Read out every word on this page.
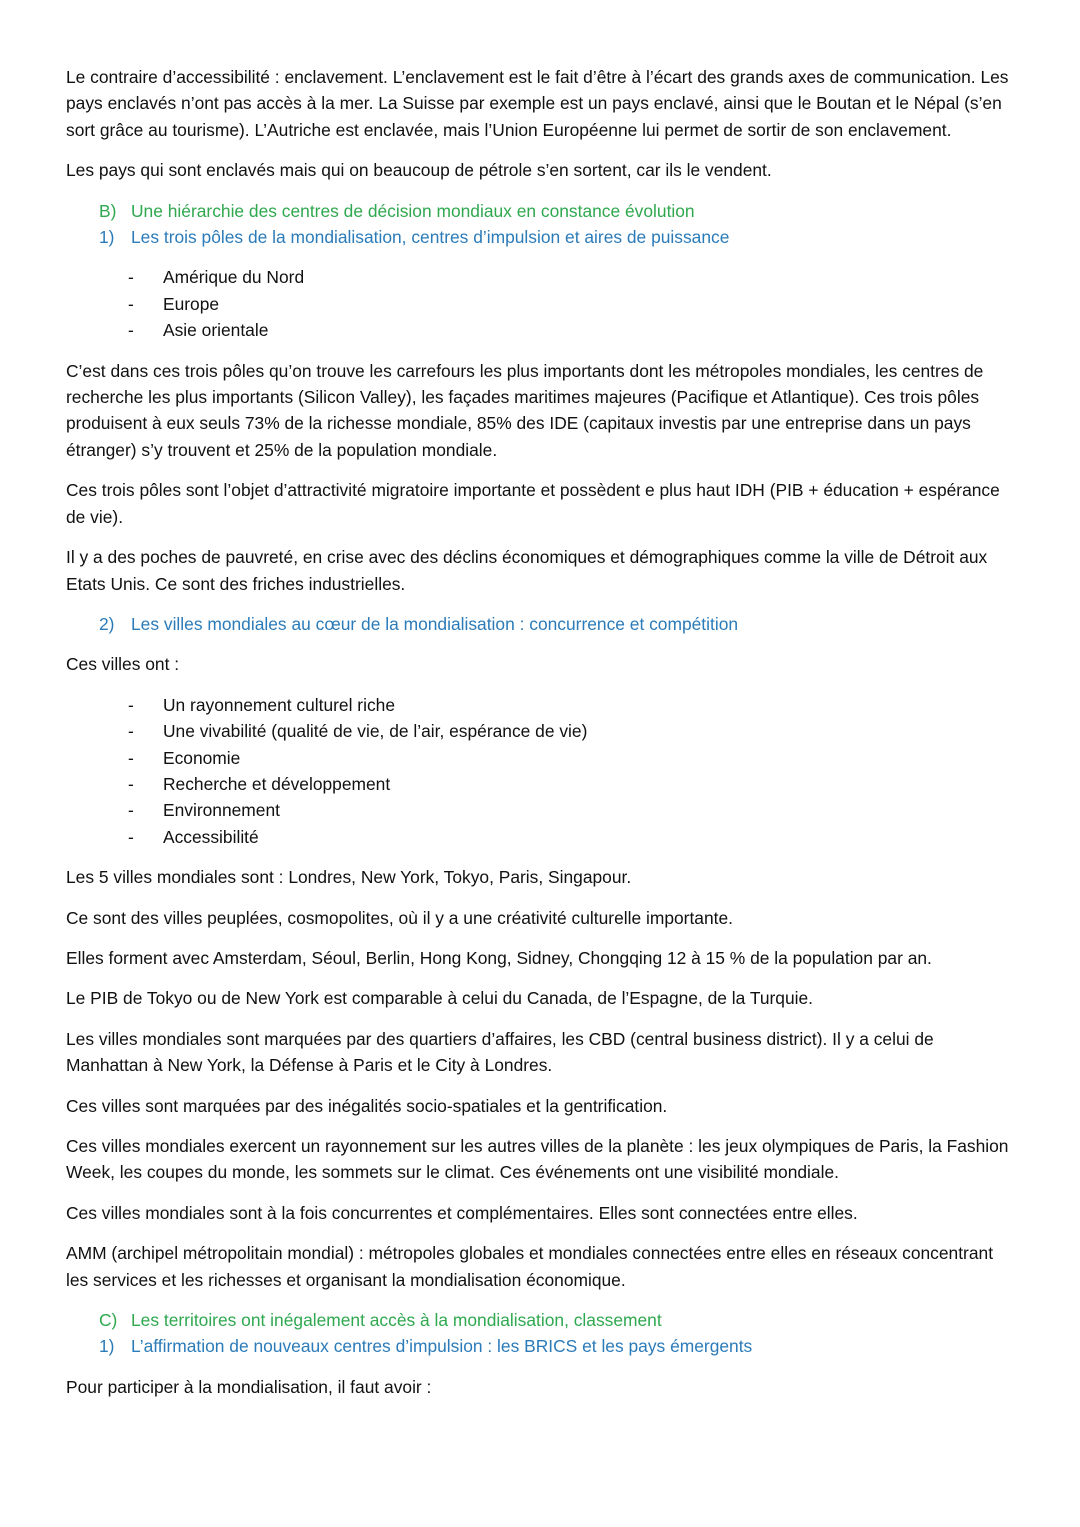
Le contraire d’accessibilité : enclavement. L’enclavement est le fait d’être à l’écart des grands axes de communication. Les pays enclavés n’ont pas accès à la mer. La Suisse par exemple est un pays enclavé, ainsi que le Boutan et le Népal (s’en sort grâce au tourisme). L’Autriche est enclavée, mais l’Union Européenne lui permet de sortir de son enclavement.

Les pays qui sont enclavés mais qui on beaucoup de pétrole s’en sortent, car ils le vendent.

B) Une hiérarchie des centres de décision mondiaux en constance évolution
1) Les trois pôles de la mondialisation, centres d’impulsion et aires de puissance
- Amérique du Nord
- Europe
- Asie orientale

C’est dans ces trois pôles qu’on trouve les carrefours les plus importants dont les métropoles mondiales, les centres de recherche les plus importants (Silicon Valley), les façades maritimes majeures (Pacifique et Atlantique). Ces trois pôles produisent à eux seuls 73% de la richesse mondiale, 85% des IDE (capitaux investis par une entreprise dans un pays étranger) s’y trouvent et 25% de la population mondiale.

Ces trois pôles sont l’objet d’attractivité migratoire importante et possèdent e plus haut IDH (PIB + éducation + espérance de vie).

Il y a des poches de pauvreté, en crise avec des déclins économiques et démographiques comme la ville de Détroit aux Etats Unis. Ce sont des friches industrielles.

2) Les villes mondiales au cœur de la mondialisation : concurrence et compétition

Ces villes ont :

- Un rayonnement culturel riche
- Une vivabilité (qualité de vie, de l’air, espérance de vie)
- Economie
- Recherche et développement
- Environnement
- Accessibilité

Les 5 villes mondiales sont : Londres, New York, Tokyo, Paris, Singapour.

Ce sont des villes peuplées, cosmopolites, où il y a une créativité culturelle importante.

Elles forment avec Amsterdam, Séoul, Berlin, Hong Kong, Sidney, Chongqing 12 à 15 % de la population par an.

Le PIB de Tokyo ou de New York est comparable à celui du Canada, de l’Espagne, de la Turquie.

Les villes mondiales sont marquées par des quartiers d’affaires, les CBD (central business district). Il y a celui de Manhattan à New York, la Défense à Paris et le City à Londres.

Ces villes sont marquées par des inégalités socio-spatiales et la gentrification.

Ces villes mondiales exercent un rayonnement sur les autres villes de la planète : les jeux olympiques de Paris, la Fashion Week, les coupes du monde, les sommets sur le climat. Ces événements ont une visibilité mondiale.

Ces villes mondiales sont à la fois concurrentes et complémentaires. Elles sont connectées entre elles.

AMM (archipel métropolitain mondial) : métropoles globales et mondiales connectées entre elles en réseaux concentrant les services et les richesses et organisant la mondialisation économique.

C) Les territoires ont inégalement accès à la mondialisation, classement
1) L’affirmation de nouveaux centres d’impulsion : les BRICS et les pays émergents

Pour participer à la mondialisation, il faut avoir :
